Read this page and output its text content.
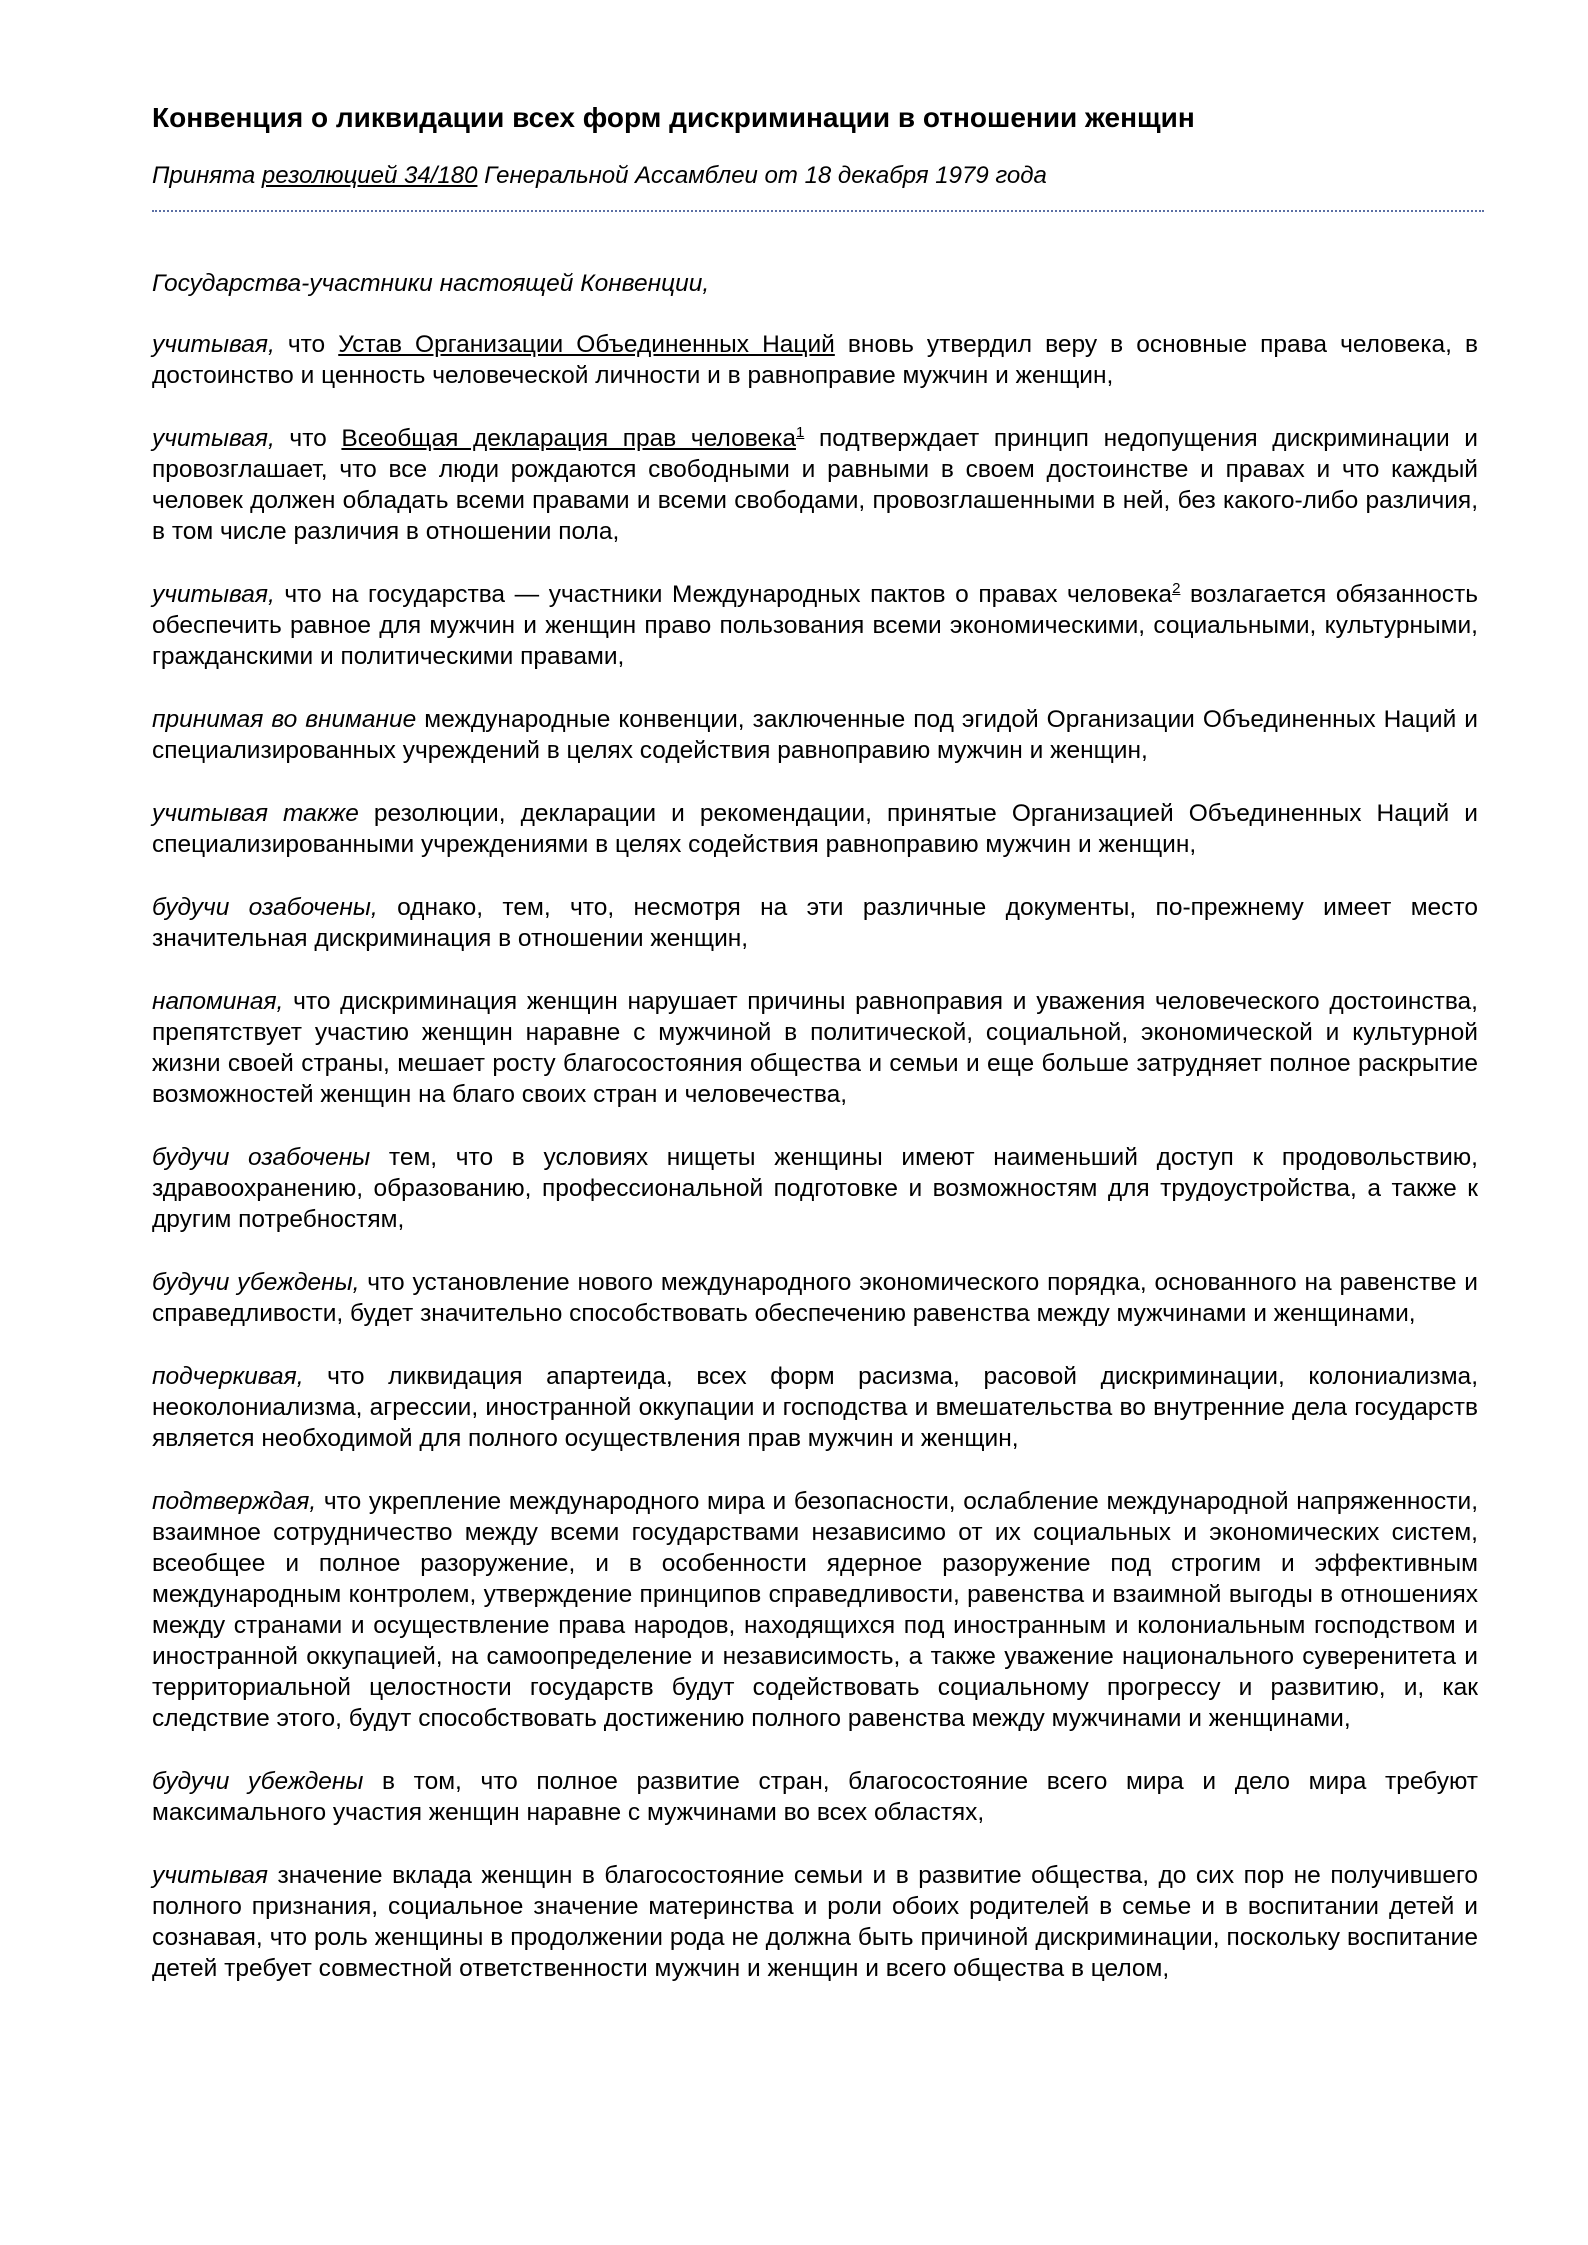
Конвенция о ликвидации всех форм дискриминации в отношении женщин

Принята резолюцией 34/180 Генеральной Ассамблеи от 18 декабря 1979 года

Государства-участники настоящей Конвенции,

учитывая, что Устав Организации Объединенных Наций вновь утвердил веру в основные права человека, в достоинство и ценность человеческой личности и в равноправие мужчин и женщин,

учитывая, что Всеобщая декларация прав человека$^1$ подтверждает принцип недопущения дискриминации и провозглашает, что все люди рождаются свободными и равными в своем достоинстве и правах и что каждый человек должен обладать всеми правами и всеми свободами, провозглашенными в ней, без какого-либо различия, в том числе различия в отношении пола,

учитывая, что на государства — участники Международных пактов о правах человека$^2$ возлагается обязанность обеспечить равное для мужчин и женщин право пользования всеми экономическими, социальными, культурными, гражданскими и политическими правами,

принимая во внимание международные конвенции, заключенные под эгидой Организации Объединенных Наций и специализированных учреждений в целях содействия равноправию мужчин и женщин,

учитывая также резолюции, декларации и рекомендации, принятые Организацией Объединенных Наций и специализированными учреждениями в целях содействия равноправию мужчин и женщин,

будучи озабочены, однако, тем, что, несмотря на эти различные документы, по-прежнему имеет место значительная дискриминация в отношении женщин,

напоминая, что дискриминация женщин нарушает причины равноправия и уважения человеческого достоинства, препятствует участию женщин наравне с мужчиной в политической, социальной, экономической и культурной жизни своей страны, мешает росту благосостояния общества и семьи и еще больше затрудняет полное раскрытие возможностей женщин на благо своих стран и человечества,

будучи озабочены тем, что в условиях нищеты женщины имеют наименьший доступ к продовольствию, здравоохранению, образованию, профессиональной подготовке и возможностям для трудоустройства, а также к другим потребностям,

будучи убеждены, что установление нового международного экономического порядка, основанного на равенстве и справедливости, будет значительно способствовать обеспечению равенства между мужчинами и женщинами,

подчеркивая, что ликвидация апартеида, всех форм расизма, расовой дискриминации, колониализма, неоколониализма, агрессии, иностранной оккупации и господства и вмешательства во внутренние дела государств является необходимой для полного осуществления прав мужчин и женщин,

подтверждая, что укрепление международного мира и безопасности, ослабление международной напряженности, взаимное сотрудничество между всеми государствами независимо от их социальных и экономических систем, всеобщее и полное разоружение, и в особенности ядерное разоружение под строгим и эффективным международным контролем, утверждение принципов справедливости, равенства и взаимной выгоды в отношениях между странами и осуществление права народов, находящихся под иностранным и колониальным господством и иностранной оккупацией, на самоопределение и независимость, а также уважение национального суверенитета и территориальной целостности государств будут содействовать социальному прогрессу и развитию, и, как следствие этого, будут способствовать достижению полного равенства между мужчинами и женщинами,

будучи убеждены в том, что полное развитие стран, благосостояние всего мира и дело мира требуют максимального участия женщин наравне с мужчинами во всех областях,

учитывая значение вклада женщин в благосостояние семьи и в развитие общества, до сих пор не получившего полного признания, социальное значение материнства и роли обоих родителей в семье и в воспитании детей и сознавая, что роль женщины в продолжении рода не должна быть причиной дискриминации, поскольку воспитание детей требует совместной ответственности мужчин и женщин и всего общества в целом,
